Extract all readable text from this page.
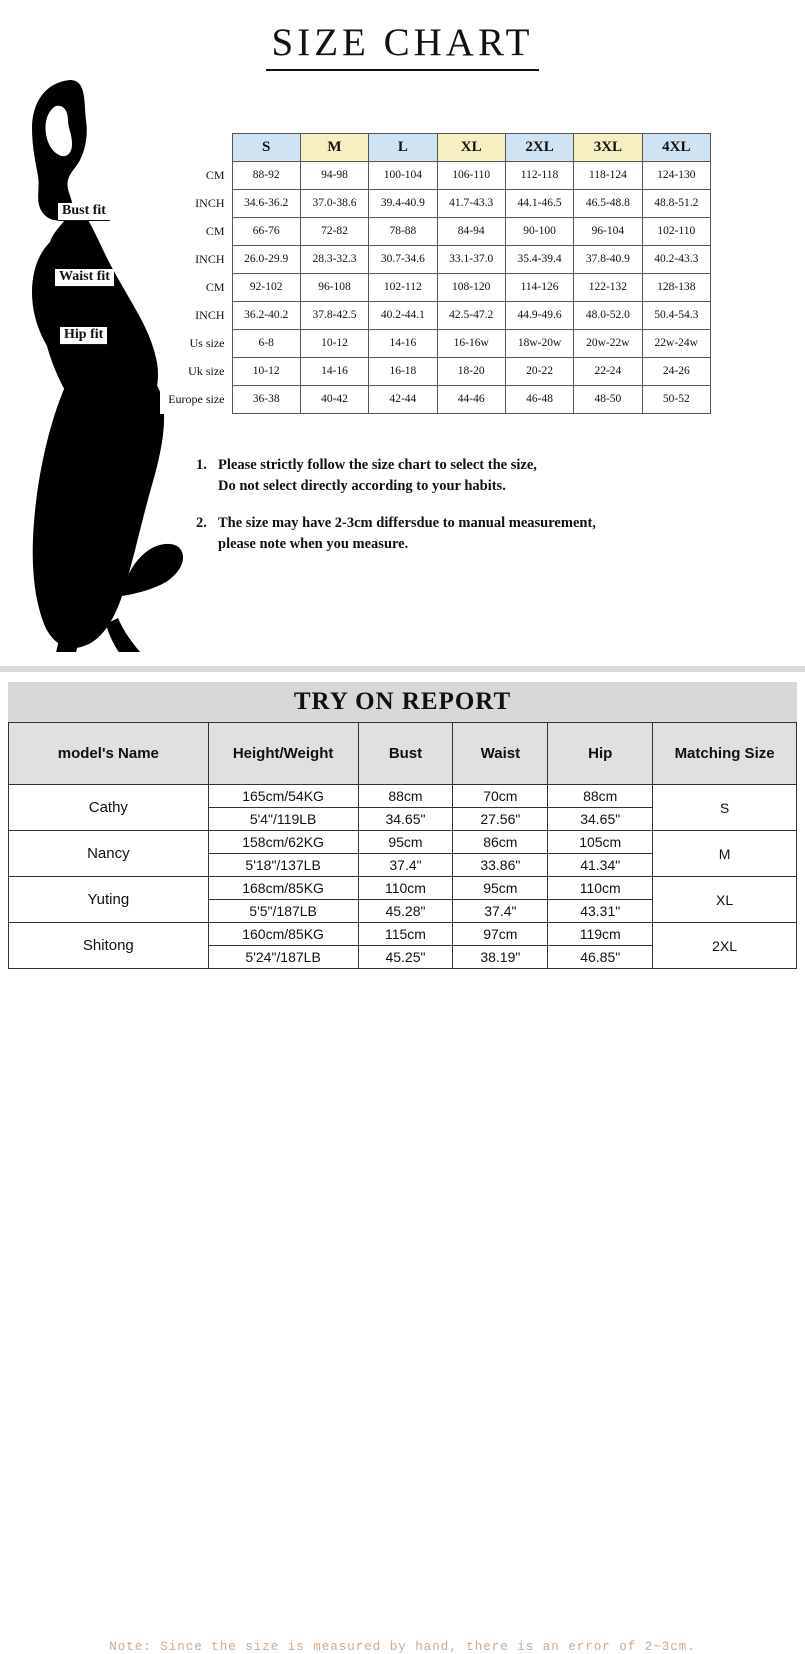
SIZE CHART
Bust fit
Waist fit
Hip fit
	S	M	L	XL	2XL	3XL	4XL
CM	88-92	94-98	100-104	106-110	112-118	118-124	124-130
INCH	34.6-36.2	37.0-38.6	39.4-40.9	41.7-43.3	44.1-46.5	46.5-48.8	48.8-51.2
CM	66-76	72-82	78-88	84-94	90-100	96-104	102-110
INCH	26.0-29.9	28.3-32.3	30.7-34.6	33.1-37.0	35.4-39.4	37.8-40.9	40.2-43.3
CM	92-102	96-108	102-112	108-120	114-126	122-132	128-138
INCH	36.2-40.2	37.8-42.5	40.2-44.1	42.5-47.2	44.9-49.6	48.0-52.0	50.4-54.3
Us size	6-8	10-12	14-16	16-16w	18w-20w	20w-22w	22w-24w
Uk size	10-12	14-16	16-18	18-20	20-22	22-24	24-26
Europe size	36-38	40-42	42-44	44-46	46-48	48-50	50-52
1. Please strictly follow the size chart to select the size,
Do not select directly according to your habits.
2. The size may have 2-3cm differsdue to manual measurement,
please note when you measure.
TRY ON REPORT
model's Name	Height/Weight	Bust	Waist	Hip	Matching Size
Cathy	165cm/54KG	88cm	70cm	88cm	S
	5'4"/119LB	34.65"	27.56"	34.65"	
Nancy	158cm/62KG	95cm	86cm	105cm	M
	5'18"/137LB	37.4"	33.86"	41.34"	
Yuting	168cm/85KG	110cm	95cm	110cm	XL
	5'5"/187LB	45.28"	37.4"	43.31"	
Shitong	160cm/85KG	115cm	97cm	119cm	2XL
	5'24"/187LB	45.25"	38.19"	46.85"	
Note: Since the size is measured by hand, there is an error of 2~3cm.
